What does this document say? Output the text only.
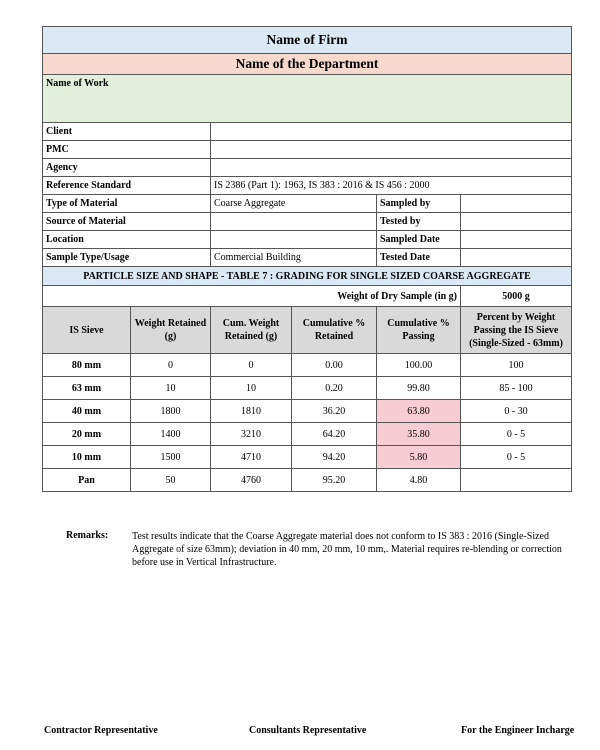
Name of Firm					
Name of the Department					
Name of Work					
Client					
PMC					
Agency					
Reference Standard		IS 2386 (Part 1): 1963, IS 383 : 2016 & IS 456 : 2000			
Type of Material		Coarse Aggregate		Sampled by	
Source of Material				Tested by	
Location				Sampled Date	
Sample Type/Usage		Commercial Building		Tested Date	
PARTICLE SIZE AND SHAPE - TABLE 7 : GRADING FOR SINGLE SIZED COARSE AGGREGATE					
Weight of Dry Sample (in g)					5000 g
IS Sieve	Weight Retained (g)	Cum. Weight Retained (g)	Cumulative % Retained	Cumulative % Passing	Percent by Weight Passing the IS Sieve (Single-Sized - 63mm)
80 mm	0	0	0.00	100.00	100
63 mm	10	10	0.20	99.80	85 - 100
40 mm	1800	1810	36.20	63.80	0 - 30
20 mm	1400	3210	64.20	35.80	0 - 5
10 mm	1500	4710	94.20	5.80	0 - 5
Pan	50	4760	95.20	4.80	
Remarks:	Test results indicate that the Coarse Aggregate material does not conform to IS 383 : 2016 (Single-Sized Aggregate of size 63mm); deviation in 40 mm, 20 mm, 10 mm,. Material requires re-blending or correction before use in Vertical Infrastructure.
Contractor Representative	Consultants Representative	For the Engineer Incharge
